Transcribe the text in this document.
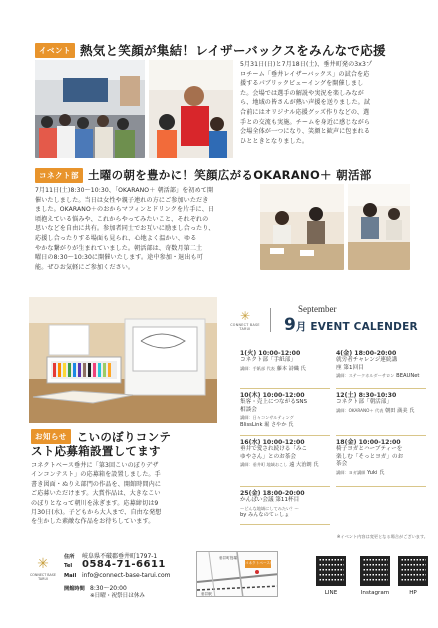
イベント 熱気と笑顔が集結！レイザーバックスをみんなで応援
5月31日(日)と7月18日(土)、垂井町発の3x3プ
ロチーム「垂井レイザーバックス」の試合を応
援するパブリックビューイングを開催しまし
た。会場では選手の解説や実況を楽しみなが
ら、地域の皆さんが熱い声援を送りました。試
合前にはオリジナル応援グッズ作りなどの、選
手との交流も実施。チームを身近に感じながら
会場全体が一つになり、笑顔と歓声に包まれる
ひとときとなりました。
コネクト部 土曜の朝を豊かに！笑顔広がるOKARANO＋ 朝活部
7月11日(土)8:30～10:30、「OKARANO＋ 朝活部」を初めて開
催いたしました。当日は女性や親子連れの方にご参加いただき
ました。OKARANO＋のおからマフィンとドリンクを片手に、日
頃抱えている悩みや、これからやってみたいこと、それぞれの
思いなどを自由に共有。参加者同士でお互いに励まし合ったり、
応援し合ったりする場面も見られ、心地よく温かい、ゆる
やかな繋がりが生まれていました。朝活部は、奇数月第二土
曜日の8:30～10:30に開催いたします。途中参加・退出も可
能。ぜひお気軽にご参加ください。
お知らせ こいのぼりコンテ
スト応募箱設置してます
コネクトベース垂井に「第3回こいのぼりデザ
インコンテスト」の応募箱を設置しました。手
書き図面・ぬりえ部門の作品を、開館時間内に
ご応募いただけます。大賞作品は、大きなこい
のぼりとなって朝川を泳ぎます。応募締切は9
月30日(水)。子どもから大人まで、自由な発想
を生かした素敵な作品をお待ちしています。
✳
CONNECT BASE TARUI
September
9月 EVENT CALENDER
1(火) 10:00-12:00
コネクト部「手紙部」
講師：手紙部 代表 藤本 詩織 氏
4(金) 18:00-20:00
就労者チャレンジ連続講
座 第1回目
講師：ステークホルダーサロン BEAUNet
10(木) 10:00-12:00
集客・売上につながるSNS
相談会
講師：日々コンサルティング
BlissLink 堀 さやか 氏
12(土) 8:30-10:30
コネクト部「朝活部」
講師：OKARANO＋ 代表 朝田 満美 氏
16(水) 10:00-12:00
垂井で愛され続ける「みこ
ゆやさん」とのお茶会
講師：垂井町 地域おこし 遠 大治朗 氏
18(金) 10:00-12:00
椅子ヨガとハーブティーを
楽しむ「そっとヨガ」のお
茶会
講師：ヨガ講師 Yuki 氏
25(金) 18:00-20:00
かんぱい会議 第11杯目
～どんな地域にしてみたい？～
by みんなのてぃしょ
※イベント内容は変更となる場合がございます。
✳
CONNECT BASE TARUI
住所 岐阜県不破郡垂井町1797-1
Tel 0584-71-6611
Mail info@connect-base-tarui.com
開館時間 8:30～20:00
※日曜・祝祭日は休み
コネクトベース垂井
垂井駅
垂井町役場
LINE	Instagram	HP
